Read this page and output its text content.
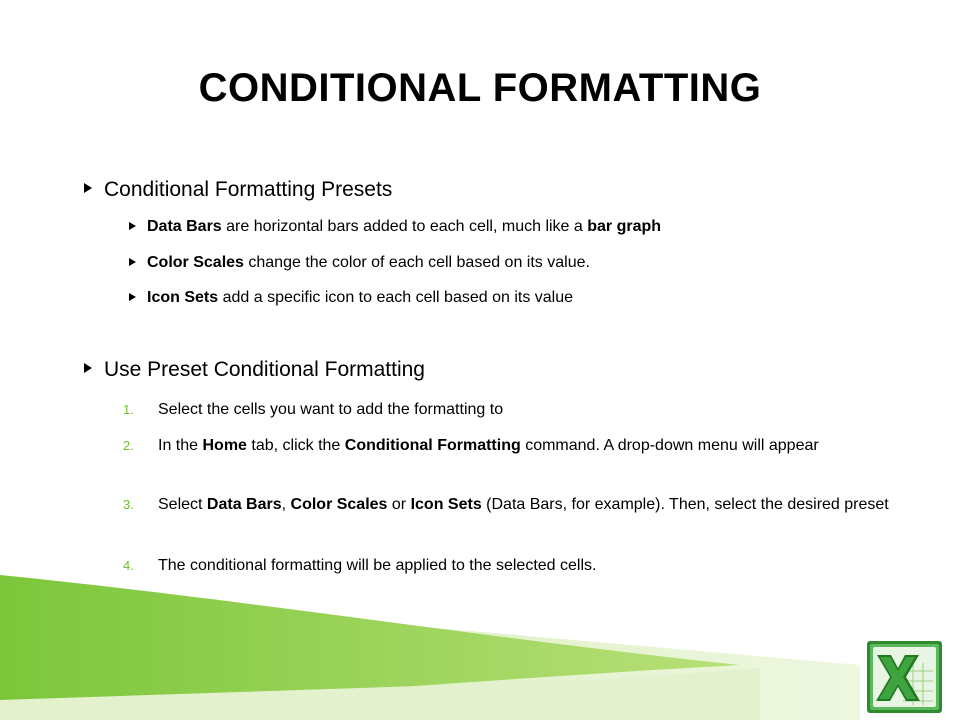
CONDITIONAL FORMATTING
Conditional Formatting Presets
Data Bars are horizontal bars added to each cell, much like a bar graph
Color Scales change the color of each cell based on its value.
Icon Sets add a specific icon to each cell based on its value
Use Preset Conditional Formatting
1. Select the cells you want to add the formatting to
2. In the Home tab, click the Conditional Formatting command. A drop-down menu will appear
3. Select Data Bars, Color Scales or Icon Sets (Data Bars, for example). Then, select the desired preset
4. The conditional formatting will be applied to the selected cells.
